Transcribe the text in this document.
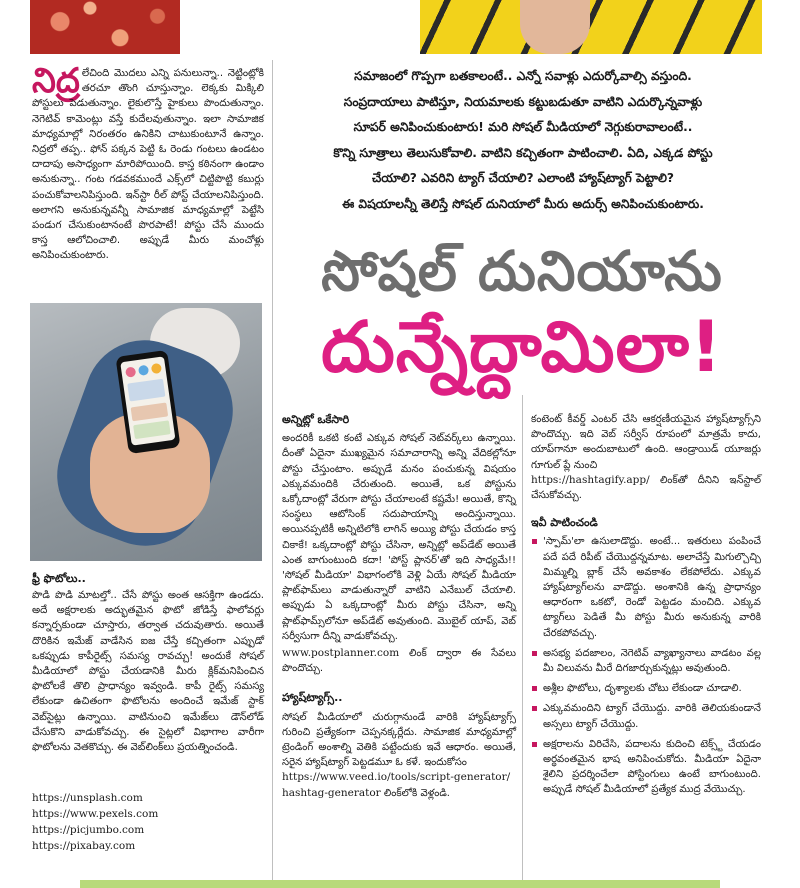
నిద్ర లేచింది మొదలు ఎన్ని పనులున్నా.. నెట్టింట్లోకి తరచూ తొంగి చూస్తున్నాం. లెక్కకు మిక్కిలి పోస్టులు పెడుతున్నాం. లైకులొస్తే హైకులు పొందుతున్నాం. నెగెటివ్ కామెంట్లు వస్తే కుదేలవుతున్నాం. ఇలా సామాజిక మాధ్యమాల్లో నిరంతరం ఉనికిని చాటుకుంటూనే ఉన్నాం. నిద్రలో తప్ప.. ఫోన్ పక్కన పెట్టి ఓ రెండు గంటలు ఉండటం దాదాపు అసాధ్యంగా మారిపోయింది. కాస్త కఠినంగా ఉండాం అనుకున్నా.. గంట గడవకముందే ఎక్స్‌లో చిట్టిపొట్టి కబుర్లు పంచుకోవాలనిపిస్తుంది. ఇన్‌స్టా రీల్ పోస్ట్ చేయాలనిపిస్తుంది. అలాగని అనుకున్నవన్నీ సామాజిక మాధ్యమాల్లో పెట్టేసి పండుగ చేసుకుంటానంటే పొరపాటే! పోస్టు చేసే ముందు కాస్త ఆలోచించాలి. అప్పుడే మీరు మంచోళ్లు అనిపించుకుంటారు.
ఫ్రీ ఫొటోలు..
పొడి పొడి మాటల్తో.. చేసే పోస్టు అంత ఆసక్తిగా ఉండదు. అదే అక్షరాలకు అద్భుతమైన ఫొటో జోడిస్తే ఫాలోవర్లు కన్నార్పకుండా చూస్తారు, తర్వాత చదువుతారు. అయితే దొరికిన ఇమేజ్ వాడేసిన ఐజ చేస్తే కచ్చితంగా ఎప్పుడో ఒకప్పుడు కాపీరైట్స్ సమస్య రావచ్చు! అందుకే సోషల్ మీడియాలో పోస్టు చేయడానికి మీరు క్లిక్‌మనిపించిన ఫొటోలకే తొలి ప్రాధాన్యం ఇవ్వండి. కాపీ రైట్స్ సమస్య లేకుండా ఉచితంగా ఫొటోలను అందించే ఇమేజ్ స్టాక్ వెబ్‌సైట్లు ఉన్నాయి. వాటినుంచి ఇమేజ్‌లు డౌన్‌లోడ్ చేసుకొని వాడుకోవచ్చు. ఈ సైట్లలో విభాగాల వారీగా ఫొటోలను వెతకొచ్చు. ఈ వెబ్‌లింక్‌లు ప్రయత్నించండి.
https://unsplash.com
https://www.pexels.com
https://picjumbo.com
https://pixabay.com
సమాజంలో గొప్పగా బతకాలంటే.. ఎన్నో సవాళ్లు ఎదుర్కోవాల్సి వస్తుంది.
సంప్రదాయాలు పాటిస్తూ, నియమాలకు కట్టుబడుతూ వాటిని ఎదుర్కొన్నవాళ్లు
సూపర్ అనిపించుకుంటారు! మరి సోషల్ మీడియాలో నెగ్గుకురావాలంటే..
కొన్ని సూత్రాలు తెలుసుకోవాలి. వాటిని కచ్చితంగా పాటించాలి. ఏది, ఎక్కడ పోస్టు
చేయాలి? ఎవరిని ట్యాగ్ చేయాలి? ఎలాంటి హ్యాష్‌ట్యాగ్ పెట్టాలి?
ఈ విషయాలన్నీ తెలిస్తే సోషల్ దునియాలో మీరు అదుర్స్ అనిపించుకుంటారు.
సోషల్ దునియాను
దున్నేద్దామిలా!
అన్నిట్లో ఒకేసారి
అందరికీ ఒకటి కంటే ఎక్కువ సోషల్ నెట్‌వర్క్‌లు ఉన్నాయి. దీంతో ఏదైనా ముఖ్యమైన సమాచారాన్ని అన్ని వేదికల్లోనూ పోస్టు చేస్తుంటాం. అప్పుడే మనం పంచుకున్న విషయం ఎక్కువమందికి చేరుతుంది. అయితే, ఒక పోస్టును ఒక్కోదాంట్లో వేరుగా పోస్టు చేయాలంటే కష్టమే! అయితే, కొన్ని సంస్థలు ఆటోసింక్ సదుపాయాన్ని అందిస్తున్నాయి. అయినప్పటికీ అన్నిటిలోకి లాగిన్ అయ్యి పోస్టు చేయడం కాస్త చికాకే! ఒక్కదాంట్లో పోస్టు చేసినా, అన్నిట్లో అప్‌డేట్ అయితే ఎంత బాగుంటుంది కదా! 'పోస్ట్ ప్లానర్'తో ఇది సాధ్యమే!! 'సోషల్ మీడియా' విభాగంలోకి వెళ్లి ఏయే సోషల్ మీడియా ప్లాట్‌ఫామ్‌లు వాడుతున్నారో వాటిని ఎనేబుల్ చేయాలి. అప్పుడు ఏ ఒక్కదాంట్లో మీరు పోస్టు చేసినా, అన్ని ప్లాట్‌ఫామ్స్‌లోనూ అప్‌డేట్ అవుతుంది. మొబైల్ యాప్, వెబ్ సర్వీసుగా దీన్ని వాడుకోవచ్చు.
www.postplanner.com లింక్ ద్వారా ఈ సేవలు పొందొచ్చు.
హ్యాష్‌ట్యాగ్స్..
సోషల్ మీడియాలో చురుగ్గానుండే వారికి హ్యాష్‌ట్యాగ్స్ గురించి ప్రత్యేకంగా చెప్పనక్కర్లేదు. సామాజిక మాధ్యమాల్లో ట్రెండింగ్ అంశాల్ని వెతికి పట్టేందుకు ఇవే ఆధారం. అయితే, సరైన హ్యాష్‌ట్యాగ్ పెట్టడమూ ఓ కళే. ఇందుకోసం
https://www.veed.io/tools/script-generator/hashtag-generator లింక్‌లోకి వెళ్లండి.
కంటెంట్ కీవర్డ్ ఎంటర్ చేసి ఆకర్షణీయమైన హ్యాష్‌ట్యాగ్స్‌ని పొందొచ్చు. ఇది వెబ్ సర్వీస్ రూపంలో మాత్రమే కాదు, యాప్‌గానూ అందుబాటులో ఉంది. ఆండ్రాయిడ్ యూజర్లు గూగుల్ ప్లే నుంచి
https://hashtagify.app/ లింక్‌తో దీనిని ఇన్‌స్టాల్ చేసుకోవచ్చు.
ఇవీ పాటించండి
'స్పామ్'లా ఉసులాడొద్దు. అంటే... ఇతరులు పంపించే పదే పదే రిపీట్ చేయొద్దన్నమాట. అలాచేస్తే మిగుల్చొచ్చి మిమ్మల్ని బ్లాక్ చేసే అవకాశం లేకపోలేదు. ఎక్కువ హ్యాష్‌ట్యాగ్‌లను వాడొద్దు. అంశానికి ఉన్న ప్రాధాన్యం ఆధారంగా ఒకటో, రెండో పెట్టడం మంచిది. ఎక్కువ ట్యాగ్‌లు పెడితే మీ పోస్టు మీరు అనుకున్న వారికి చేరకపోవచ్చు.
అసభ్య పదజాలం, నెగెటివ్ వ్యాఖ్యానాలు వాడటం వల్ల మీ విలువను మీరే దిగజార్చుకున్నట్లు అవుతుంది.
అశ్లీల ఫొటోలు, దృశ్యాలకు చోటు లేకుండా చూడాలి.
ఎక్కువమందిని ట్యాగ్ చేయొద్దు. వారికి తెలియకుండానే అస్సలు ట్యాగ్ చేయొద్దు.
అక్షరాలను విరిచేసి, పదాలను కుదించి టెక్స్ట్ చేయడం అర్థవంతమైన భాష అనిపించుకోదు. మీడియా ఏదైనా శైలిని ప్రదర్శించేలా పోస్టింగులు ఉంటే బాగుంటుంది. అప్పుడే సోషల్ మీడియాలో ప్రత్యేక ముద్ర వేయొచ్చు.
